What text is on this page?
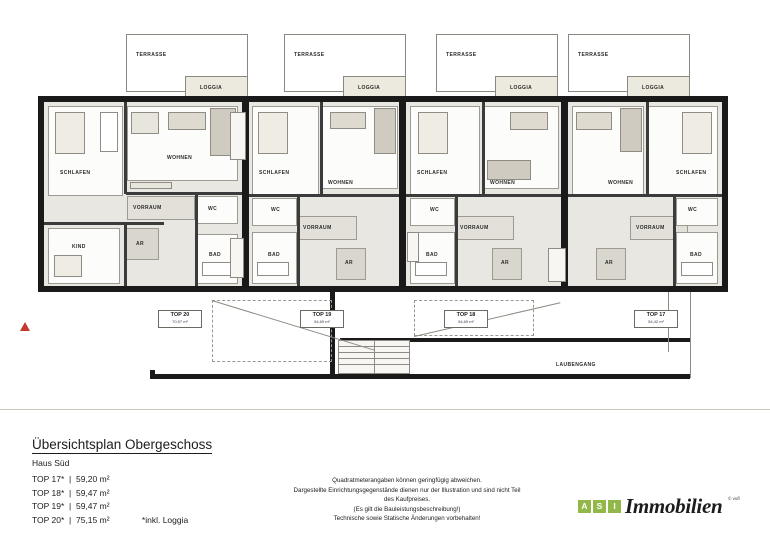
TERRASSE
LOGGIA
TERRASSE
LOGGIA
TERRASSE
LOGGIA
TERRASSE
LOGGIA
SCHLAFEN
WOHNEN
VORRAUM	WC
KIND	AR
BAD
SCHLAFEN
WOHNEN
VORRAUM
WC
AR
BAD
SCHLAFEN
WOHNEN
VORRAUM
WC
AR
BAD
WOHNEN
SCHLAFEN
VORRAUM
WC
AR
BAD
LAUBENGANG
TOP 20
70,97 m²
TOP 19
54,69 m²
TOP 18
54,69 m²
TOP 17
54,42 m²
Übersichtsplan Obergeschoss
Haus Süd
TOP 17*  |  59,20 m²
TOP 18*  |  59,47 m²
TOP 19*  |  59,47 m²
TOP 20*  |  75,15 m²	*inkl. Loggia
Quadratmeterangaben können geringfügig abweichen.
Dargestellte Einrichtungsgegenstände dienen nur der Illustration und sind nicht Teil
des Kaufpreises.
(Es gilt die Bauleistungsbeschreibung!)
Technische sowie Statische Änderungen vorbehalten!
A	S	I Immobilien © vufl
